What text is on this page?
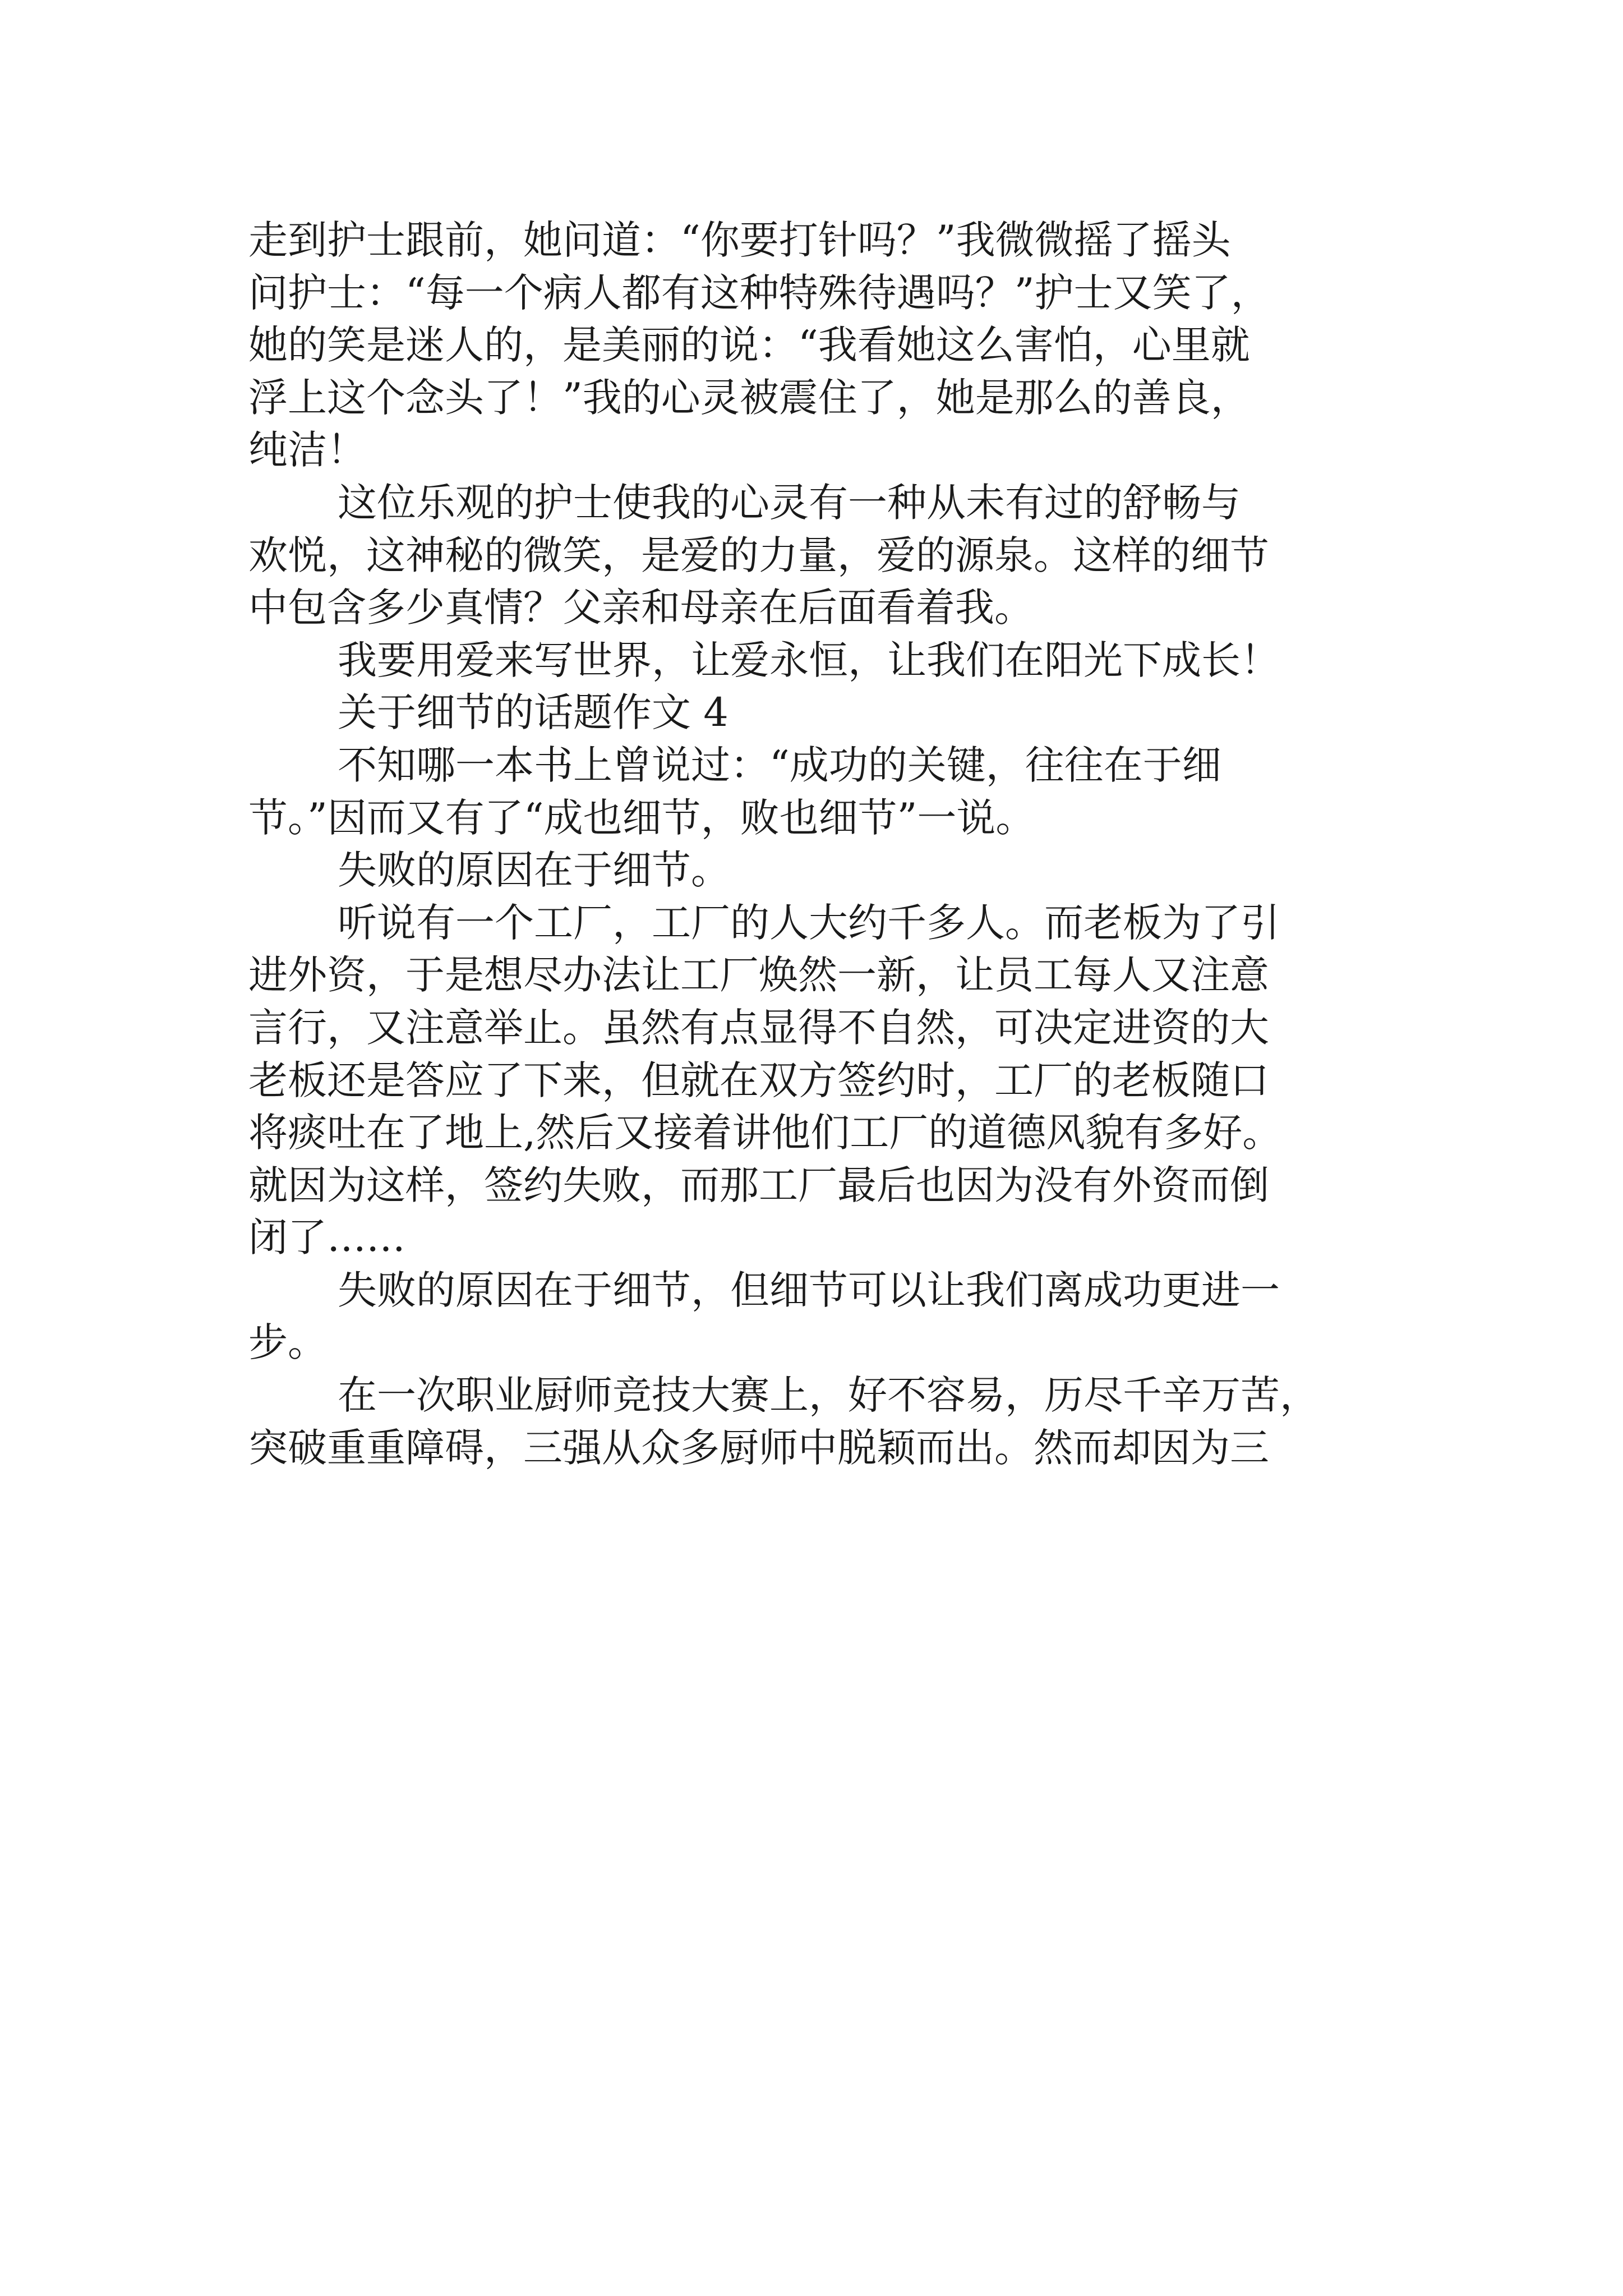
走到护士跟前，她问道：“你要打针吗？”我微微摇了摇头
问护士：“每一个病人都有这种特殊待遇吗？”护士又笑了，
她的笑是迷人的，是美丽的说：“我看她这么害怕，心里就
浮上这个念头了！”我的心灵被震住了，她是那么的善良，
纯洁！
这位乐观的护士使我的心灵有一种从未有过的舒畅与
欢悦，这神秘的微笑，是爱的力量，爱的源泉。这样的细节
中包含多少真情？父亲和母亲在后面看着我。
我要用爱来写世界，让爱永恒，让我们在阳光下成长！
关于细节的话题作文 4
不知哪一本书上曾说过：“成功的关键，往往在于细
节。”因而又有了“成也细节，败也细节”一说。
失败的原因在于细节。
听说有一个工厂，工厂的人大约千多人。而老板为了引
进外资，于是想尽办法让工厂焕然一新，让员工每人又注意
言行，又注意举止。虽然有点显得不自然，可决定进资的大
老板还是答应了下来，但就在双方签约时，工厂的老板随口
将痰吐在了地上,然后又接着讲他们工厂的道德风貌有多好。
就因为这样，签约失败，而那工厂最后也因为没有外资而倒
闭了……
失败的原因在于细节，但细节可以让我们离成功更进一
步。
在一次职业厨师竞技大赛上，好不容易，历尽千辛万苦，
突破重重障碍，三强从众多厨师中脱颖而出。然而却因为三
